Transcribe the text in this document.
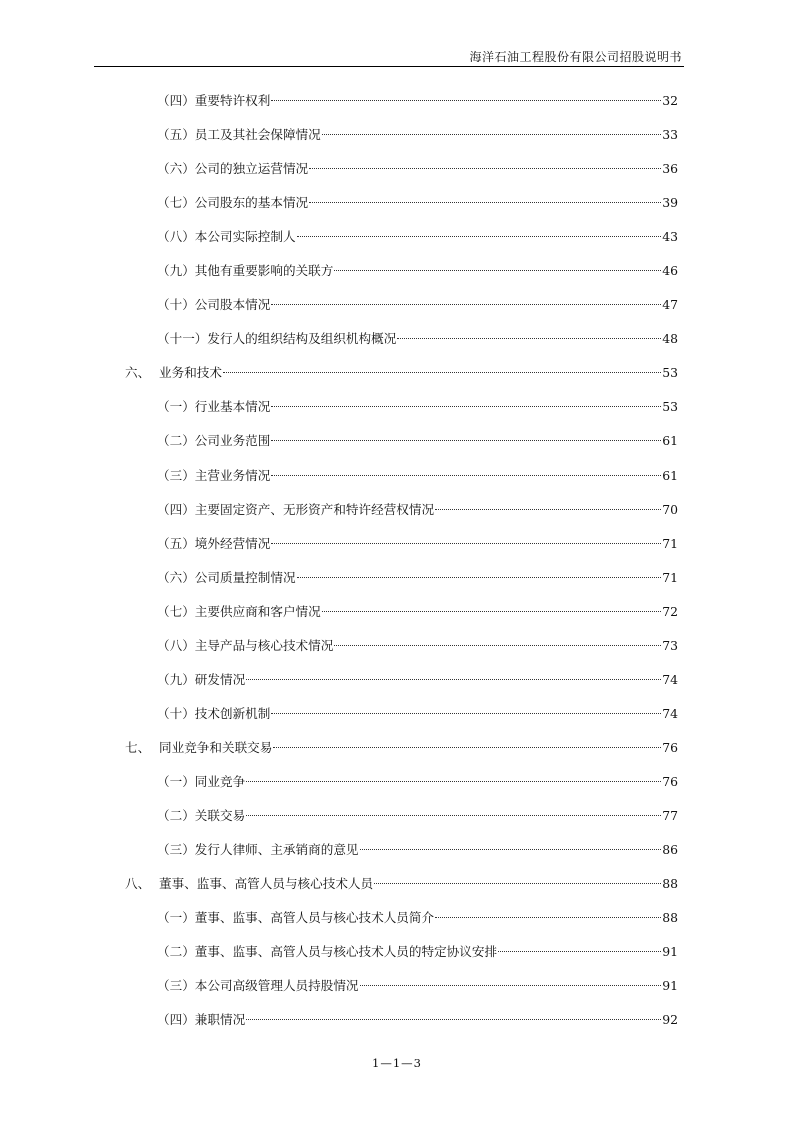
海洋石油工程股份有限公司招股说明书
（四） 重要特许权利	32
（五） 员工及其社会保障情况	33
（六） 公司的独立运营情况	36
（七） 公司股东的基本情况	39
（八） 本公司实际控制人	43
（九） 其他有重要影响的关联方	46
（十） 公司股本情况	47
（十一） 发行人的组织结构及组织机构概况	48
六、 业务和技术	53
（一） 行业基本情况	53
（二） 公司业务范围	61
（三） 主营业务情况	61
（四） 主要固定资产、无形资产和特许经营权情况	70
（五） 境外经营情况	71
（六） 公司质量控制情况	71
（七） 主要供应商和客户情况	72
（八） 主导产品与核心技术情况	73
（九） 研发情况	74
（十） 技术创新机制	74
七、 同业竞争和关联交易	76
（一） 同业竞争	76
（二） 关联交易	77
（三） 发行人律师、主承销商的意见	86
八、 董事、监事、高管人员与核心技术人员	88
（一） 董事、监事、高管人员与核心技术人员简介	88
（二） 董事、监事、高管人员与核心技术人员的特定协议安排	91
（三） 本公司高级管理人员持股情况	91
（四） 兼职情况	92
1—1—3
